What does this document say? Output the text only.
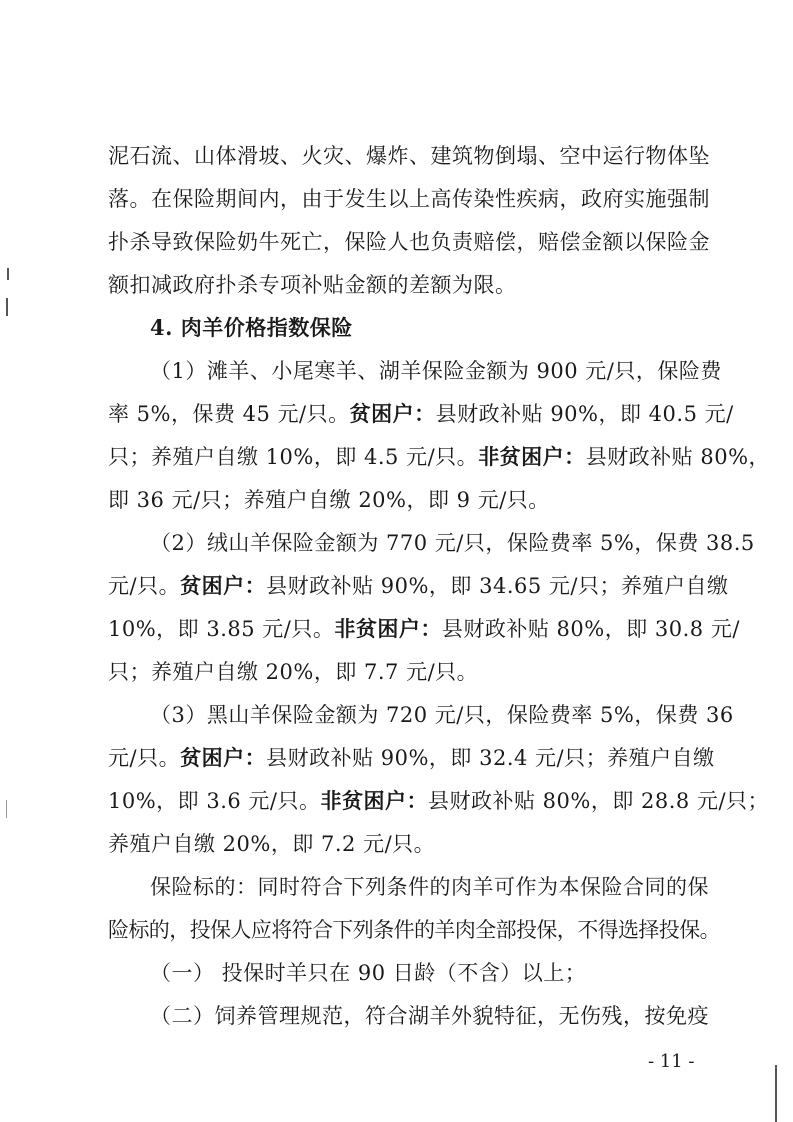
泥石流、山体滑坡、火灾、爆炸、建筑物倒塌、空中运行物体坠
落。在保险期间内，由于发生以上高传染性疾病，政府实施强制
扑杀导致保险奶牛死亡，保险人也负责赔偿，赔偿金额以保险金
额扣减政府扑杀专项补贴金额的差额为限。
4. 肉羊价格指数保险
（1）滩羊、小尾寒羊、湖羊保险金额为 900 元/只，保险费
率 5%，保费 45 元/只。贫困户：县财政补贴 90%，即 40.5 元/
只；养殖户自缴 10%，即 4.5 元/只。非贫困户：县财政补贴 80%，
即 36 元/只；养殖户自缴 20%，即 9 元/只。
（2）绒山羊保险金额为 770 元/只，保险费率 5%，保费 38.5
元/只。贫困户：县财政补贴 90%，即 34.65 元/只；养殖户自缴
10%，即 3.85 元/只。非贫困户：县财政补贴 80%，即 30.8 元/
只；养殖户自缴 20%，即 7.7 元/只。
（3）黑山羊保险金额为 720 元/只，保险费率 5%，保费 36
元/只。贫困户：县财政补贴 90%，即 32.4 元/只；养殖户自缴
10%，即 3.6 元/只。非贫困户：县财政补贴 80%，即 28.8 元/只；
养殖户自缴 20%，即 7.2 元/只。
保险标的：同时符合下列条件的肉羊可作为本保险合同的保
险标的，投保人应将符合下列条件的羊肉全部投保，不得选择投保。
（一） 投保时羊只在 90 日龄（不含）以上；
（二）饲养管理规范，符合湖羊外貌特征，无伤残，按免疫
- 11 -
